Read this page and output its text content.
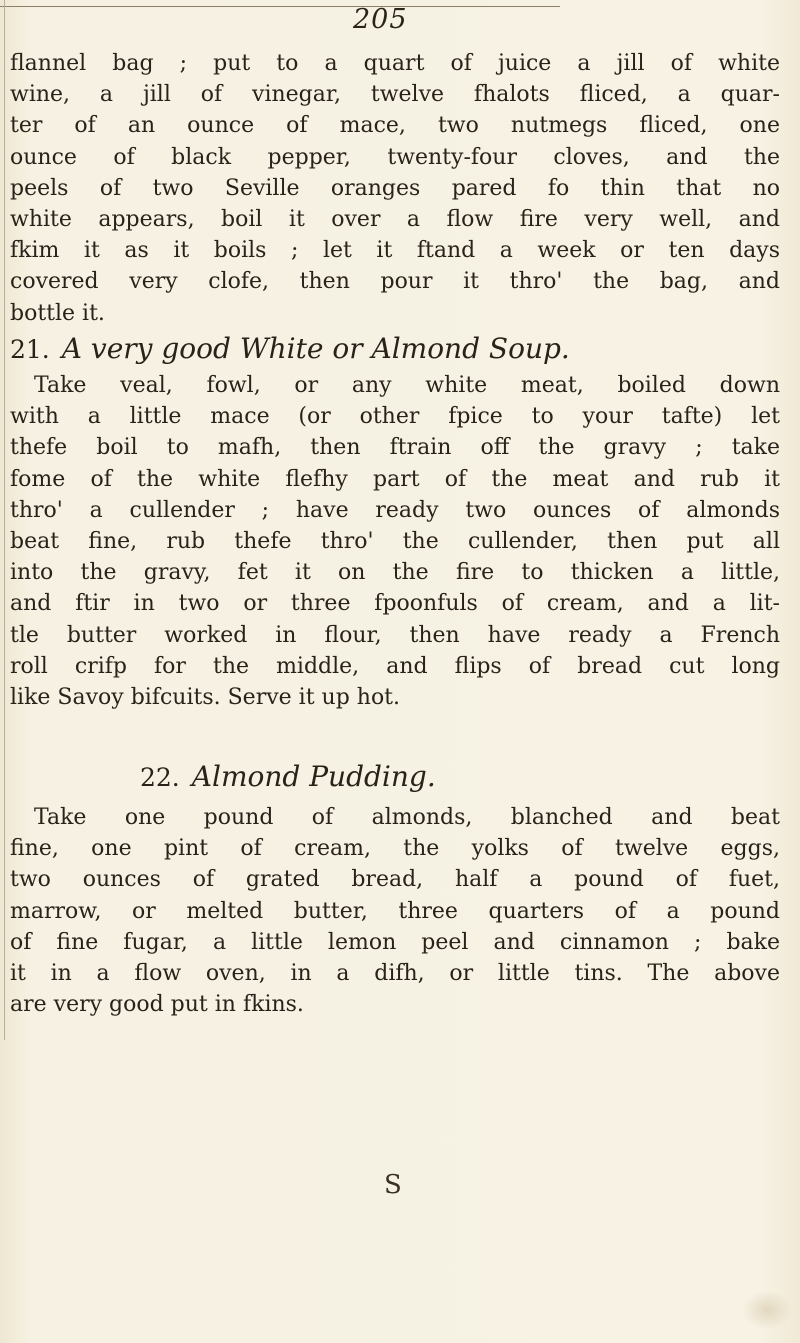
205

flannel bag ; put to a quart of juice a jill of white
wine, a jill of vinegar, twelve fhalots fliced, a quar-
ter of an ounce of mace, two nutmegs fliced, one
ounce of black pepper, twenty-four cloves, and the
peels of two Seville oranges pared fo thin that no
white appears, boil it over a flow fire very well, and
fkim it as it boils ; let it ftand a week or ten days
covered very clofe, then pour it thro' the bag, and
bottle it.

21. A very good White or Almond Soup.

Take veal, fowl, or any white meat, boiled down
with a little mace (or other fpice to your tafte) let
thefe boil to mafh, then ftrain off the gravy ; take
fome of the white flefhy part of the meat and rub it
thro' a cullender ; have ready two ounces of almonds
beat fine, rub thefe thro' the cullender, then put all
into the gravy, fet it on the fire to thicken a little,
and ftir in two or three fpoonfuls of cream, and a lit-
tle butter worked in flour, then have ready a French
roll crifp for the middle, and flips of bread cut long
like Savoy bifcuits. Serve it up hot.

22. Almond Pudding.

Take one pound of almonds, blanched and beat
fine, one pint of cream, the yolks of twelve eggs,
two ounces of grated bread, half a pound of fuet,
marrow, or melted butter, three quarters of a pound
of fine fugar, a little lemon peel and cinnamon ; bake
it in a flow oven, in a difh, or little tins. The above
are very good put in fkins.

S
